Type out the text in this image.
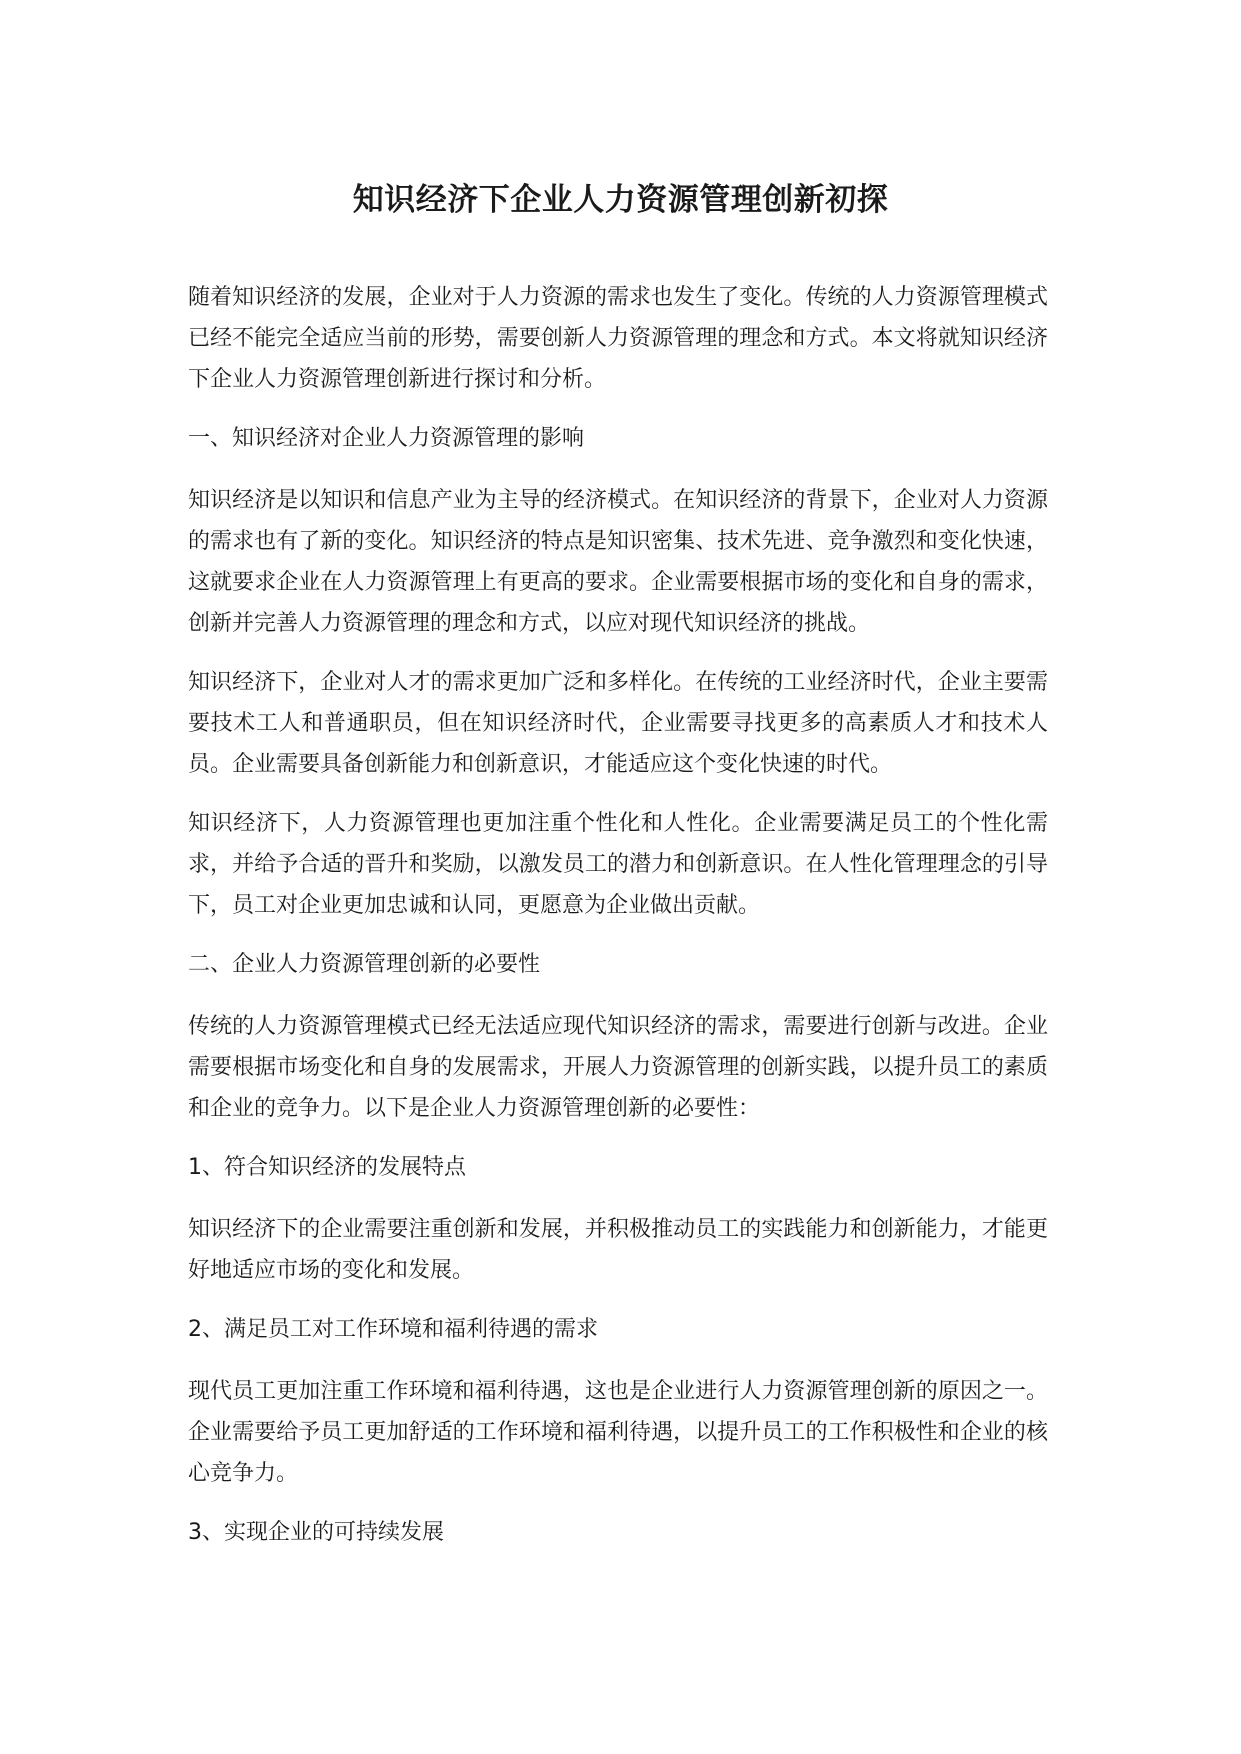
知识经济下企业人力资源管理创新初探

随着知识经济的发展，企业对于人力资源的需求也发生了变化。传统的人力资源管理模式已经不能完全适应当前的形势，需要创新人力资源管理的理念和方式。本文将就知识经济下企业人力资源管理创新进行探讨和分析。

一、知识经济对企业人力资源管理的影响

知识经济是以知识和信息产业为主导的经济模式。在知识经济的背景下，企业对人力资源的需求也有了新的变化。知识经济的特点是知识密集、技术先进、竞争激烈和变化快速，这就要求企业在人力资源管理上有更高的要求。企业需要根据市场的变化和自身的需求，创新并完善人力资源管理的理念和方式，以应对现代知识经济的挑战。

知识经济下，企业对人才的需求更加广泛和多样化。在传统的工业经济时代，企业主要需要技术工人和普通职员，但在知识经济时代，企业需要寻找更多的高素质人才和技术人员。企业需要具备创新能力和创新意识，才能适应这个变化快速的时代。

知识经济下，人力资源管理也更加注重个性化和人性化。企业需要满足员工的个性化需求，并给予合适的晋升和奖励，以激发员工的潜力和创新意识。在人性化管理理念的引导下，员工对企业更加忠诚和认同，更愿意为企业做出贡献。

二、企业人力资源管理创新的必要性

传统的人力资源管理模式已经无法适应现代知识经济的需求，需要进行创新与改进。企业需要根据市场变化和自身的发展需求，开展人力资源管理的创新实践，以提升员工的素质和企业的竞争力。以下是企业人力资源管理创新的必要性：

1、符合知识经济的发展特点

知识经济下的企业需要注重创新和发展，并积极推动员工的实践能力和创新能力，才能更好地适应市场的变化和发展。

2、满足员工对工作环境和福利待遇的需求

现代员工更加注重工作环境和福利待遇，这也是企业进行人力资源管理创新的原因之一。企业需要给予员工更加舒适的工作环境和福利待遇，以提升员工的工作积极性和企业的核心竞争力。

3、实现企业的可持续发展
